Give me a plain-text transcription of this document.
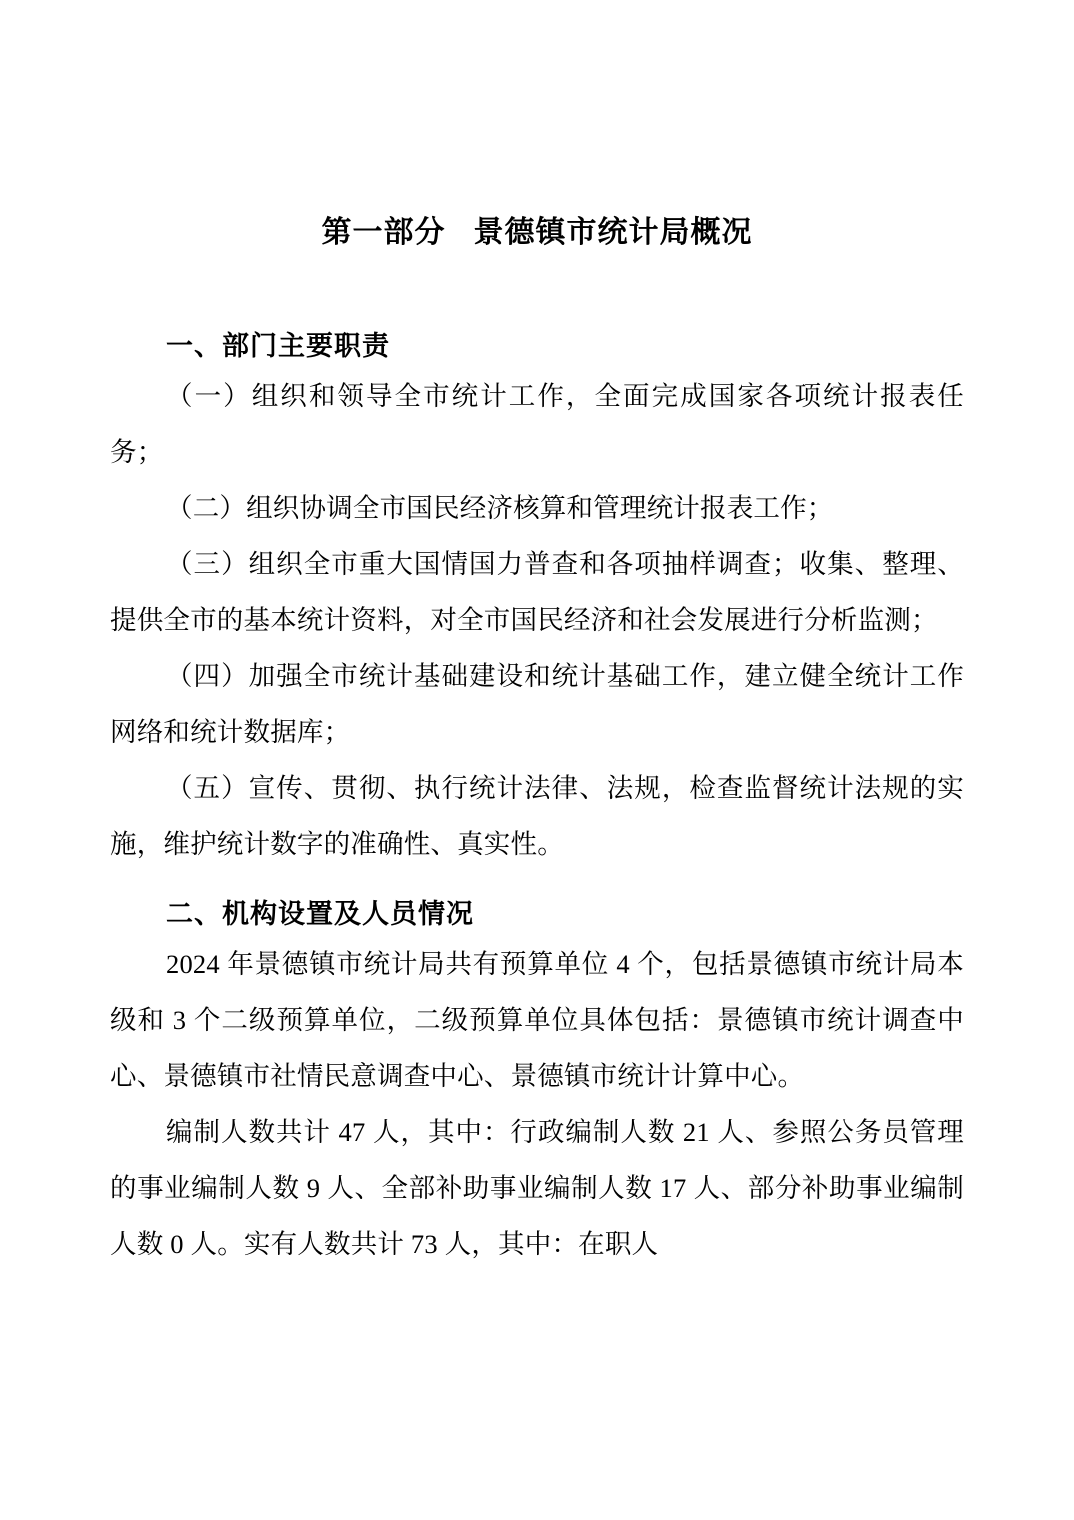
第一部分   景德镇市统计局概况
一、部门主要职责

（一）组织和领导全市统计工作，全面完成国家各项统计报表任务；

（二）组织协调全市国民经济核算和管理统计报表工作；

（三）组织全市重大国情国力普查和各项抽样调查；收集、整理、提供全市的基本统计资料，对全市国民经济和社会发展进行分析监测；

（四）加强全市统计基础建设和统计基础工作，建立健全统计工作网络和统计数据库；

（五）宣传、贯彻、执行统计法律、法规，检查监督统计法规的实施，维护统计数字的准确性、真实性。

二、机构设置及人员情况

2024 年景德镇市统计局共有预算单位 4 个，包括景德镇市统计局本级和 3 个二级预算单位，二级预算单位具体包括：景德镇市统计调查中心、景德镇市社情民意调查中心、景德镇市统计计算中心。

编制人数共计 47 人，其中：行政编制人数 21 人、参照公务员管理的事业编制人数 9 人、全部补助事业编制人数 17 人、部分补助事业编制人数 0 人。实有人数共计 73 人，其中：在职人
